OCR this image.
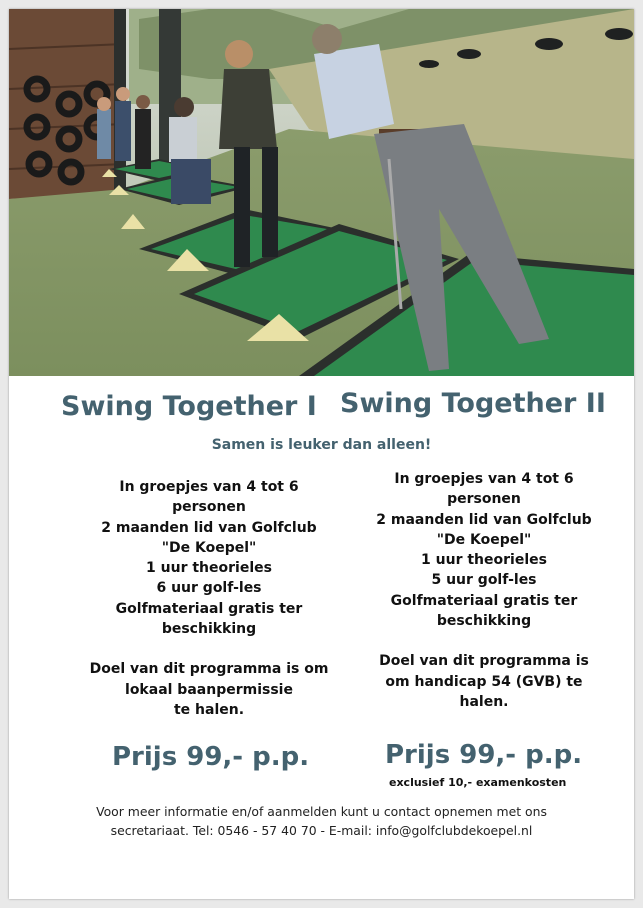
Swing Together I Swing Together II
Samen is leuker dan alleen!
In groepjes van 4 tot 6
personen
2 maanden lid van Golfclub
"De Koepel"
1 uur theorieles
6 uur golf-les
Golfmateriaal gratis ter
beschikking
Doel van dit programma is om
lokaal baanpermissie
te halen.
In groepjes van 4 tot 6
personen
2 maanden lid van Golfclub
"De Koepel"
1 uur theorieles
5 uur golf-les
Golfmateriaal gratis ter
beschikking
Doel van dit programma is
om handicap 54 (GVB) te
halen.
Prijs 99,- p.p.	Prijs 99,- p.p.
exclusief 10,- examenkosten
Voor meer informatie en/of aanmelden kunt u contact opnemen met ons
secretariaat. Tel: 0546 - 57 40 70 - E-mail: info@golfclubdekoepel.nl
